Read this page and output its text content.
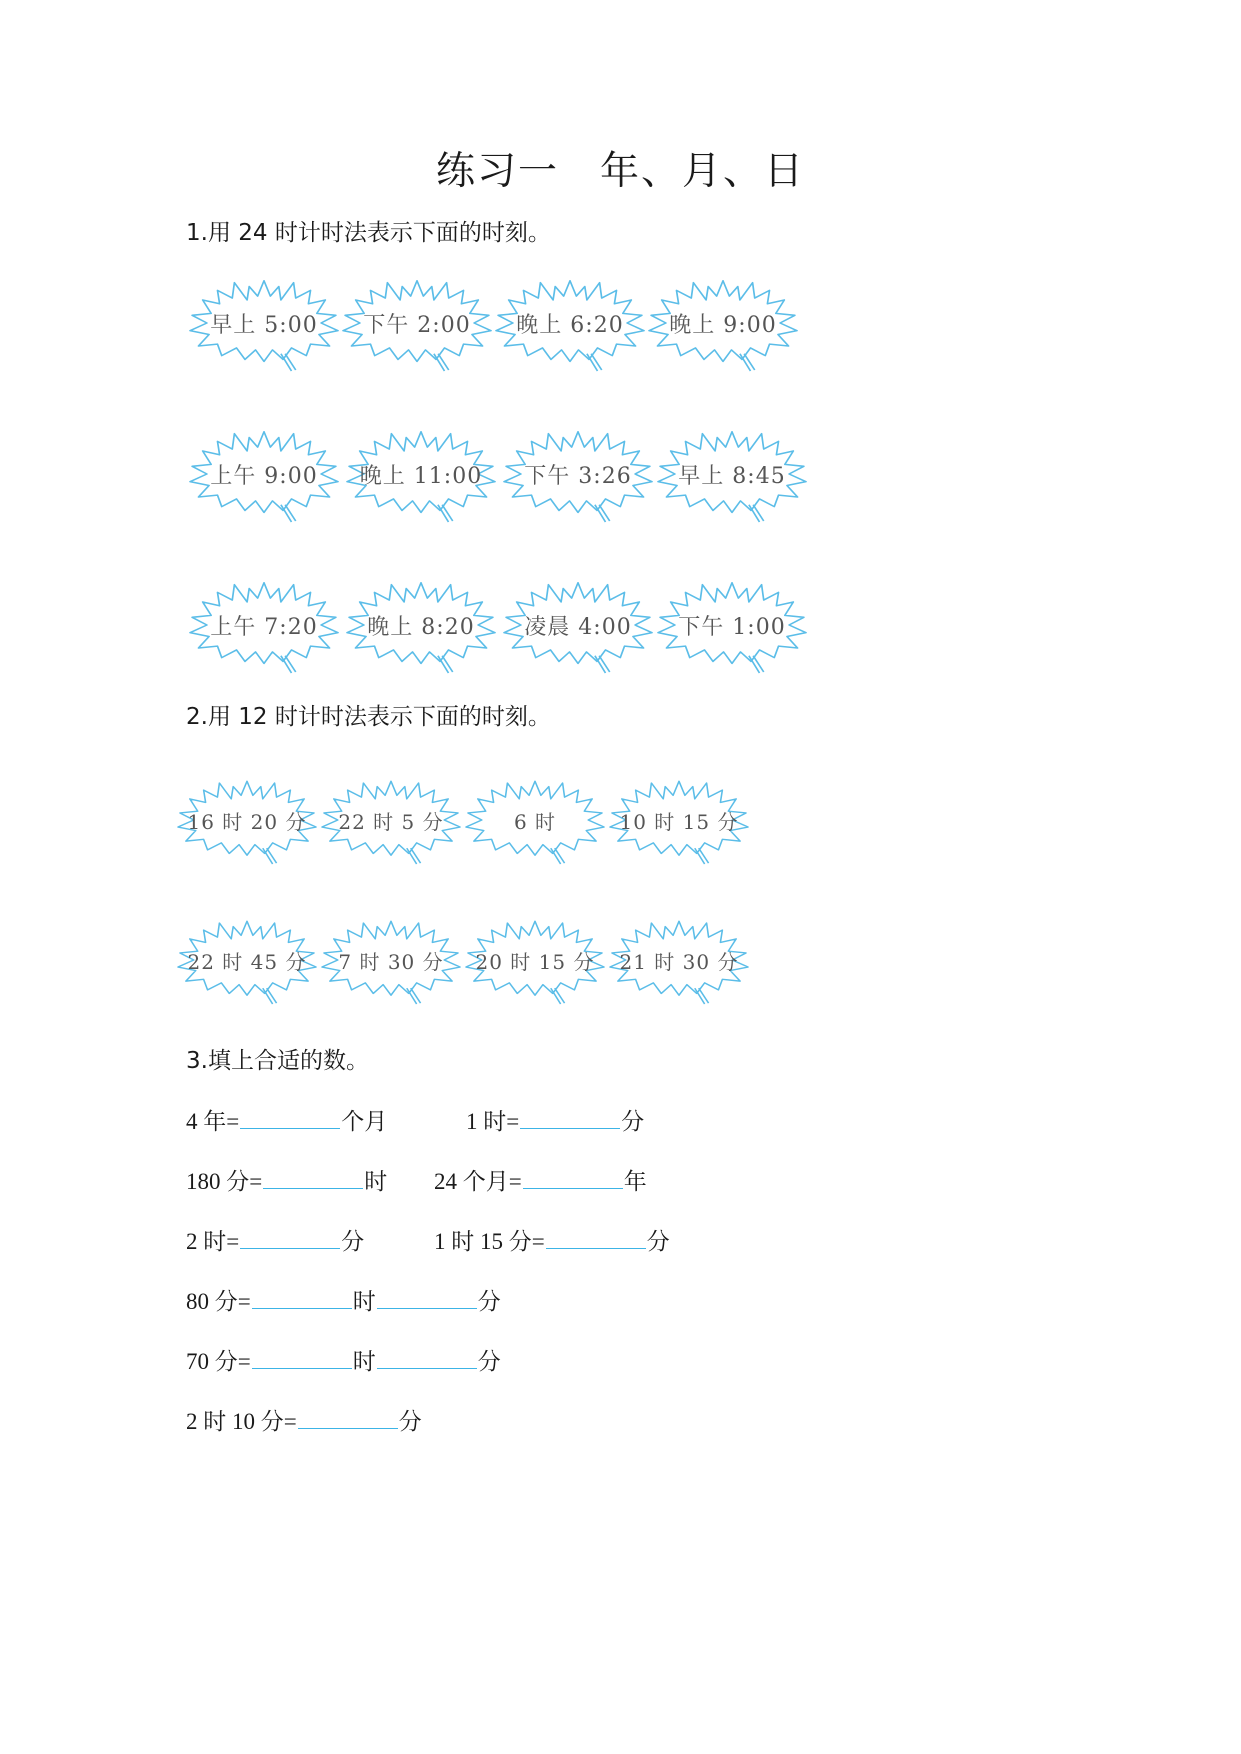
练习一　年、月、日
1.用 24 时计时法表示下面的时刻。
早上 5:00	下午 2:00	晚上 6:20	晚上 9:00
上午 9:00	晚上 11:00	下午 3:26	早上 8:45
上午 7:20	晚上 8:20	凌晨 4:00	下午 1:00
2.用 12 时计时法表示下面的时刻。
16 时 20 分	22 时 5 分	6 时	10 时 15 分
22 时 45 分	7 时 30 分	20 时 15 分	21 时 30 分
3.填上合适的数。
4 年=	个月	1 时=	分
180 分=	时 24 个月=	年
2 时=	分	1 时 15 分=	分
80 分=	时	分
70 分=	时	分
2 时 10 分=	分
